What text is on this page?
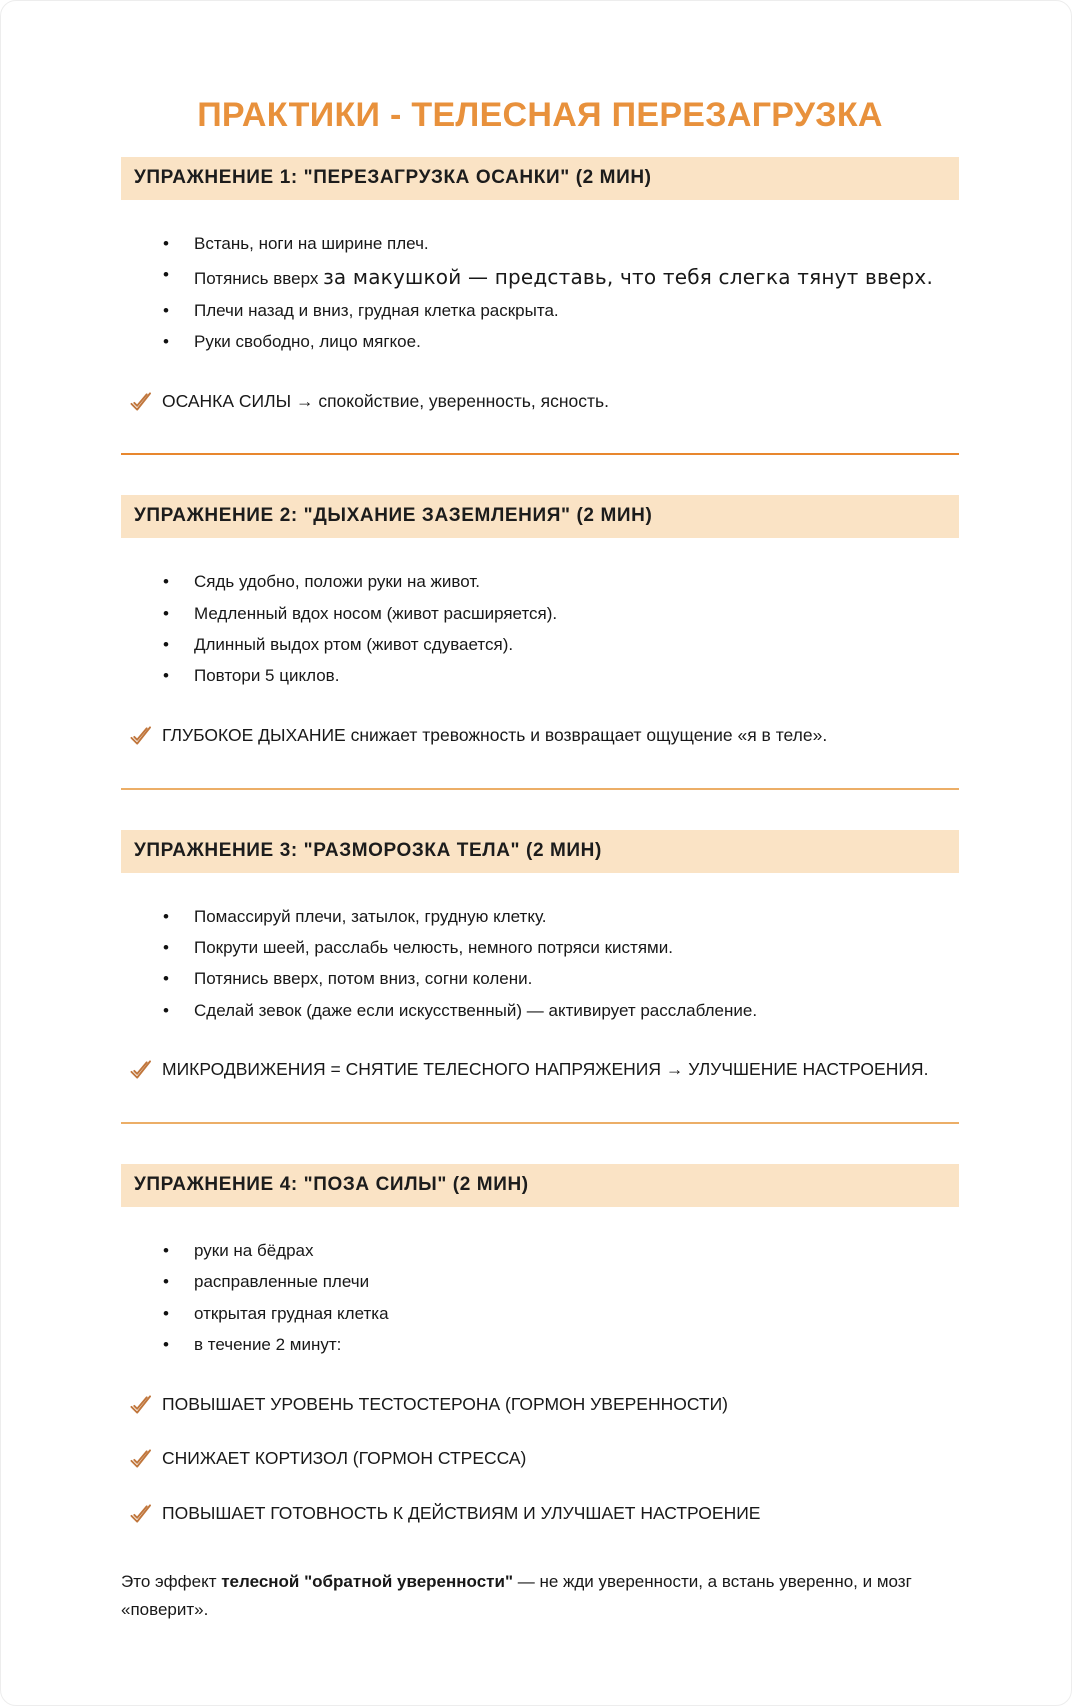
ПРАКТИКИ - ТЕЛЕСНАЯ ПЕРЕЗАГРУЗКА
УПРАЖНЕНИЕ 1: "ПЕРЕЗАГРУЗКА ОСАНКИ" (2 МИН)
• Встань, ноги на ширине плеч.
• Потянись вверх за макушкой — представь, что тебя слегка тянут вверх.
• Плечи назад и вниз, грудная клетка раскрыта.
• Руки свободно, лицо мягкое.
ОСАНКА СИЛЫ → спокойствие, уверенность, ясность.
УПРАЖНЕНИЕ 2: "ДЫХАНИЕ ЗАЗЕМЛЕНИЯ" (2 МИН)
• Сядь удобно, положи руки на живот.
• Медленный вдох носом (живот расширяется).
• Длинный выдох ртом (живот сдувается).
• Повтори 5 циклов.
ГЛУБОКОЕ ДЫХАНИЕ снижает тревожность и возвращает ощущение «я в теле».
УПРАЖНЕНИЕ 3: "РАЗМОРОЗКА ТЕЛА" (2 МИН)
• Помассируй плечи, затылок, грудную клетку.
• Покрути шеей, расслабь челюсть, немного потряси кистями.
• Потянись вверх, потом вниз, согни колени.
• Сделай зевок (даже если искусственный) — активирует расслабление.
МИКРОДВИЖЕНИЯ = СНЯТИЕ ТЕЛЕСНОГО НАПРЯЖЕНИЯ → УЛУЧШЕНИЕ НАСТРОЕНИЯ.
УПРАЖНЕНИЕ 4: "ПОЗА СИЛЫ" (2 МИН)
• руки на бёдрах
• расправленные плечи
• открытая грудная клетка
• в течение 2 минут:
ПОВЫШАЕТ УРОВЕНЬ ТЕСТОСТЕРОНА (ГОРМОН УВЕРЕННОСТИ)
СНИЖАЕТ КОРТИЗОЛ (ГОРМОН СТРЕССА)
ПОВЫШАЕТ ГОТОВНОСТЬ К ДЕЙСТВИЯМ И УЛУЧШАЕТ НАСТРОЕНИЕ

Это эффект телесной "обратной уверенности" — не жди уверенности, а встань уверенно, и мозг «поверит».
